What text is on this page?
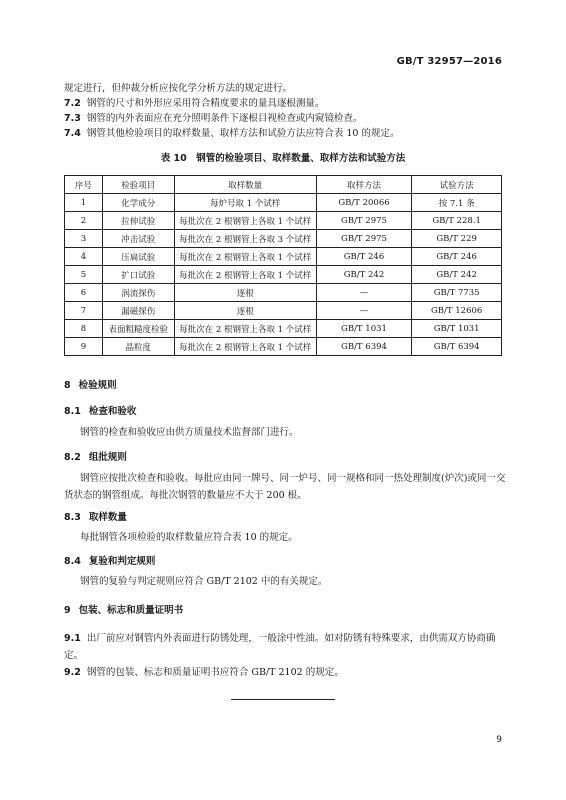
GB/T 32957—2016
规定进行，但仲裁分析应按化学分析方法的规定进行。
7.2 钢管的尺寸和外形应采用符合精度要求的量具逐根测量。
7.3 钢管的内外表面应在充分照明条件下逐根目视检查或内窥镜检查。
7.4 钢管其他检验项目的取样数量、取样方法和试验方法应符合表 10 的规定。
表 10　钢管的检验项目、取样数量、取样方法和试验方法
序号	检验项目	取样数量	取样方法	试验方法
1	化学成分	每炉号取 1 个试样	GB/T 20066	按 7.1 条
2	拉伸试验	每批次在 2 根钢管上各取 1 个试样	GB/T 2975	GB/T 228.1
3	冲击试验	每批次在 2 根钢管上各取 3 个试样	GB/T 2975	GB/T 229
4	压扁试验	每批次在 2 根钢管上各取 1 个试样	GB/T 246	GB/T 246
5	扩口试验	每批次在 2 根钢管上各取 1 个试样	GB/T 242	GB/T 242
6	涡流探伤	逐根	—	GB/T 7735
7	漏磁探伤	逐根	—	GB/T 12606
8	表面粗糙度检验	每批次在 2 根钢管上各取 1 个试样	GB/T 1031	GB/T 1031
9	晶粒度	每批次在 2 根钢管上各取 1 个试样	GB/T 6394	GB/T 6394
8 检验规则
8.1 检查和验收
钢管的检查和验收应由供方质量技术监督部门进行。
8.2 组批规则
钢管应按批次检查和验收。每批应由同一牌号、同一炉号、同一规格和同一热处理制度(炉次)或同一交货状态的钢管组成。每批次钢管的数量应不大于 200 根。
8.3 取样数量
每批钢管各项检验的取样数量应符合表 10 的规定。
8.4 复验和判定规则
钢管的复验与判定规则应符合 GB/T 2102 中的有关规定。
9 包装、标志和质量证明书
9.1 出厂前应对钢管内外表面进行防锈处理，一般涂中性油。如对防锈有特殊要求，由供需双方协商确定。
9.2 钢管的包装、标志和质量证明书应符合 GB/T 2102 的规定。
9
